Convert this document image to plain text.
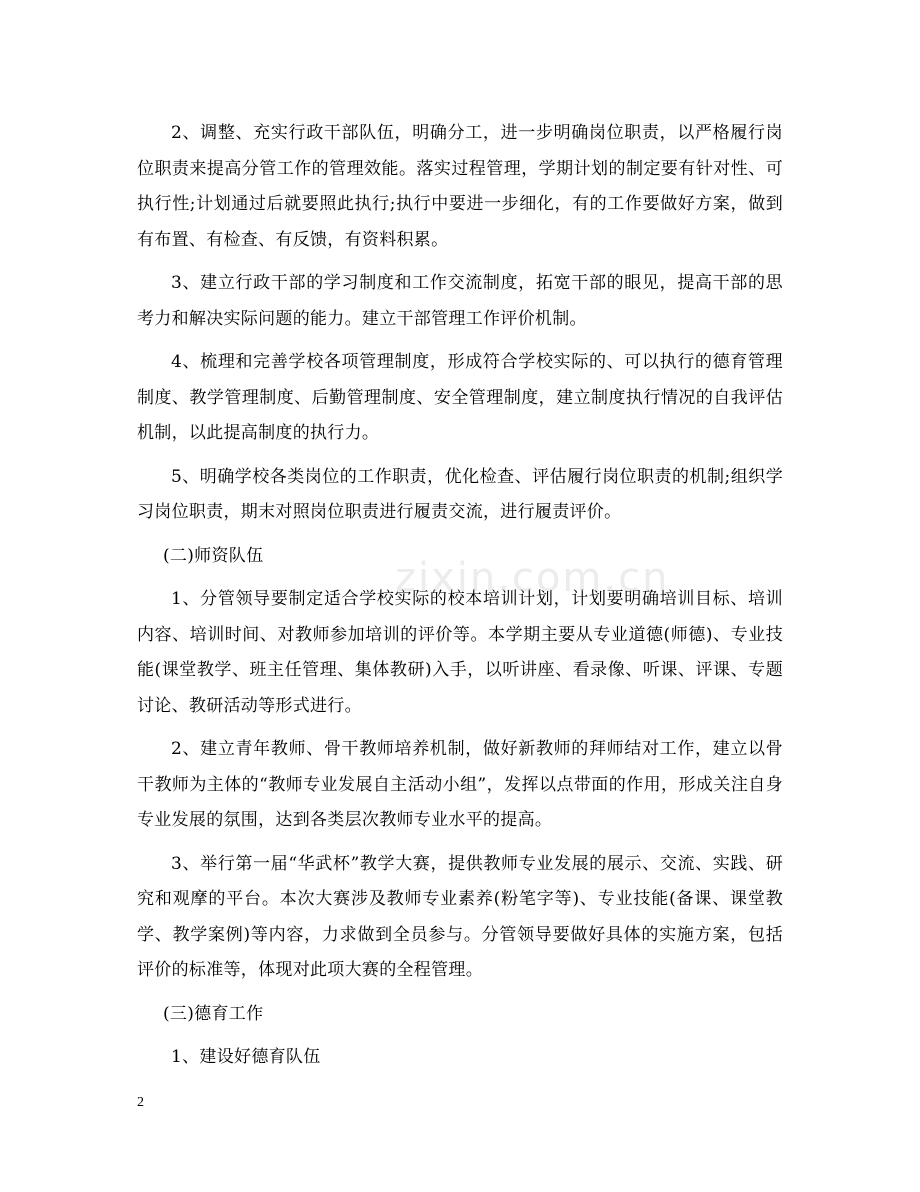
2、调整、充实行政干部队伍，明确分工，进一步明确岗位职责，以严格履行岗位职责来提高分管工作的管理效能。落实过程管理，学期计划的制定要有针对性、可执行性;计划通过后就要照此执行;执行中要进一步细化，有的工作要做好方案，做到有布置、有检查、有反馈，有资料积累。

3、建立行政干部的学习制度和工作交流制度，拓宽干部的眼见，提高干部的思考力和解决实际问题的能力。建立干部管理工作评价机制。

4、梳理和完善学校各项管理制度，形成符合学校实际的、可以执行的德育管理制度、教学管理制度、后勤管理制度、安全管理制度，建立制度执行情况的自我评估机制，以此提高制度的执行力。

5、明确学校各类岗位的工作职责，优化检查、评估履行岗位职责的机制;组织学习岗位职责，期末对照岗位职责进行履责交流，进行履责评价。

(二)师资队伍

1、分管领导要制定适合学校实际的校本培训计划，计划要明确培训目标、培训内容、培训时间、对教师参加培训的评价等。本学期主要从专业道德(师德)、专业技能(课堂教学、班主任管理、集体教研)入手，以听讲座、看录像、听课、评课、专题讨论、教研活动等形式进行。

2、建立青年教师、骨干教师培养机制，做好新教师的拜师结对工作，建立以骨干教师为主体的“教师专业发展自主活动小组”，发挥以点带面的作用，形成关注自身专业发展的氛围，达到各类层次教师专业水平的提高。

3、举行第一届“华武杯”教学大赛，提供教师专业发展的展示、交流、实践、研究和观摩的平台。本次大赛涉及教师专业素养(粉笔字等)、专业技能(备课、课堂教学、教学案例)等内容，力求做到全员参与。分管领导要做好具体的实施方案，包括评价的标准等，体现对此项大赛的全程管理。

(三)德育工作

1、建设好德育队伍

zixin.com.cn
2
